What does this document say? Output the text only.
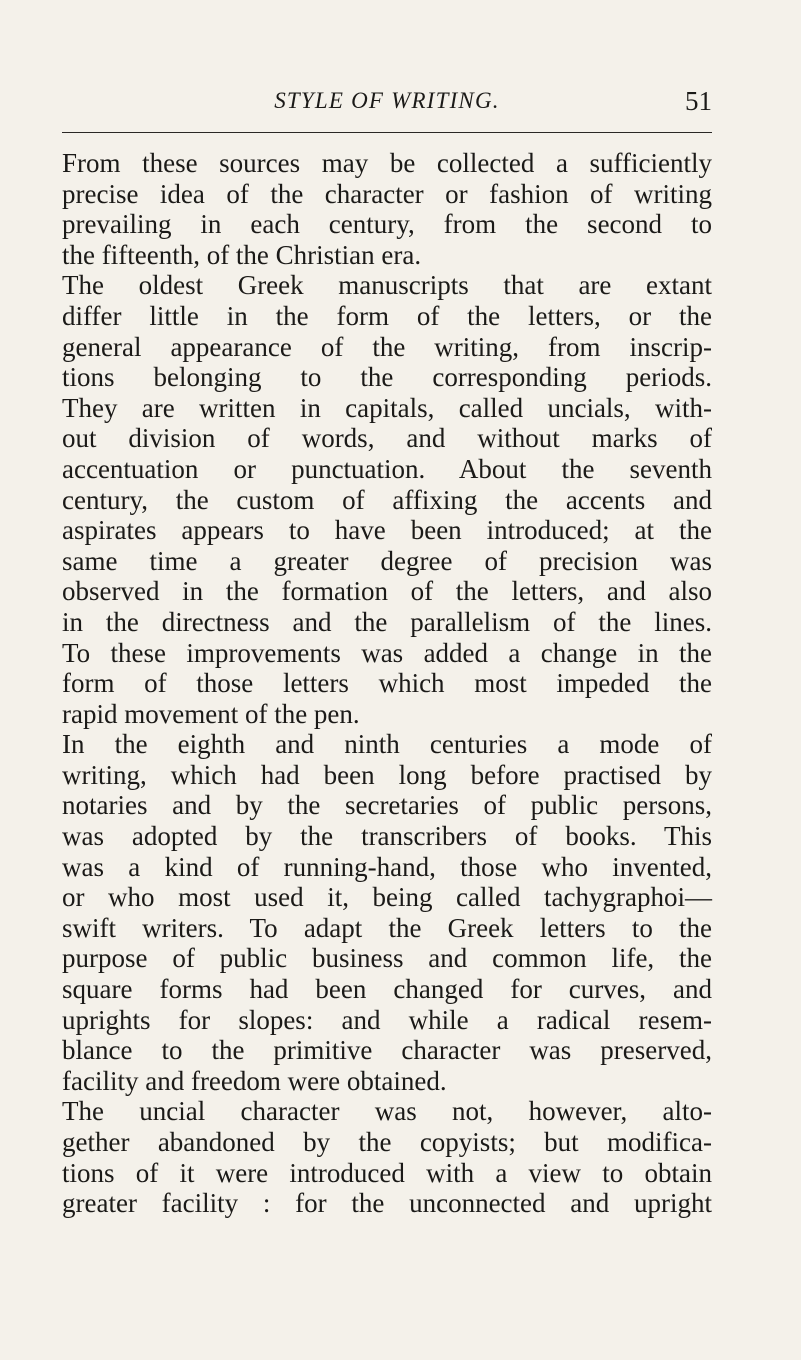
STYLE OF WRITING.	51
From these sources may be collected a sufficiently
precise idea of the character or fashion of writing
prevailing in each century, from the second to
the fifteenth, of the Christian era.
The oldest Greek manuscripts that are extant
differ little in the form of the letters, or the
general appearance of the writing, from inscrip-
tions belonging to the corresponding periods.
They are written in capitals, called uncials, with-
out division of words, and without marks of
accentuation or punctuation. About the seventh
century, the custom of affixing the accents and
aspirates appears to have been introduced; at the
same time a greater degree of precision was
observed in the formation of the letters, and also
in the directness and the parallelism of the lines.
To these improvements was added a change in the
form of those letters which most impeded the
rapid movement of the pen.
In the eighth and ninth centuries a mode of
writing, which had been long before practised by
notaries and by the secretaries of public persons,
was adopted by the transcribers of books. This
was a kind of running-hand, those who invented,
or who most used it, being called tachygraphoi—
swift writers. To adapt the Greek letters to the
purpose of public business and common life, the
square forms had been changed for curves, and
uprights for slopes: and while a radical resem-
blance to the primitive character was preserved,
facility and freedom were obtained.
The uncial character was not, however, alto-
gether abandoned by the copyists; but modifica-
tions of it were introduced with a view to obtain
greater facility : for the unconnected and upright
